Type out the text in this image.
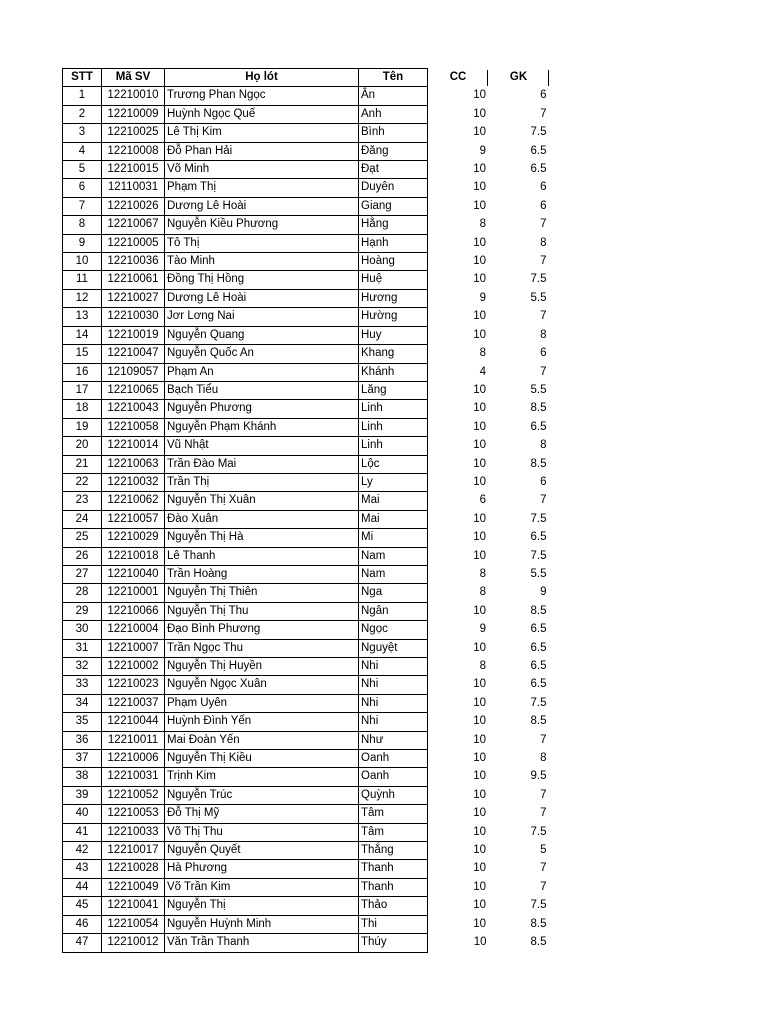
STT	Mã SV	Họ lót	Tên	CC	GK

1	12210010	Trương Phan Ngọc	Ân	10	6
2	12210009	Huỳnh Ngọc Quế	Anh	10	7
3	12210025	Lê Thị Kim	Bình	10	7.5
4	12210008	Đỗ Phan Hải	Đăng	9	6.5
5	12210015	Võ Minh	Đạt	10	6.5
6	12110031	Phạm Thị	Duyên	10	6
7	12210026	Dương Lê Hoài	Giang	10	6
8	12210067	Nguyễn Kiều Phương	Hằng	8	7
9	12210005	Tô Thị	Hạnh	10	8
10	12210036	Tào Minh	Hoàng	10	7
11	12210061	Đồng Thị Hồng	Huệ	10	7.5
12	12210027	Dương Lê Hoài	Hương	9	5.5
13	12210030	Jơr Lơng Nai	Hường	10	7
14	12210019	Nguyễn Quang	Huy	10	8
15	12210047	Nguyễn Quốc An	Khang	8	6
16	12109057	Phạm An	Khánh	4	7
17	12210065	Bạch Tiểu	Lăng	10	5.5
18	12210043	Nguyễn Phương	Linh	10	8.5
19	12210058	Nguyễn Phạm Khánh	Linh	10	6.5
20	12210014	Vũ Nhật	Linh	10	8
21	12210063	Trần Đào Mai	Lộc	10	8.5
22	12210032	Trần Thị	Ly	10	6
23	12210062	Nguyễn Thị Xuân	Mai	6	7
24	12210057	Đào Xuân	Mai	10	7.5
25	12210029	Nguyễn Thị Hà	Mi	10	6.5
26	12210018	Lê Thanh	Nam	10	7.5
27	12210040	Trần Hoàng	Nam	8	5.5
28	12210001	Nguyễn Thị Thiên	Nga	8	9
29	12210066	Nguyễn Thị Thu	Ngân	10	8.5
30	12210004	Đạo Bình Phương	Ngọc	9	6.5
31	12210007	Trần Ngọc Thu	Nguyệt	10	6.5
32	12210002	Nguyễn Thị Huyền	Nhi	8	6.5
33	12210023	Nguyễn Ngọc Xuân	Nhi	10	6.5
34	12210037	Phạm Uyên	Nhi	10	7.5
35	12210044	Huỳnh Đình Yến	Nhi	10	8.5
36	12210011	Mai Đoàn Yến	Như	10	7
37	12210006	Nguyễn Thị Kiều	Oanh	10	8
38	12210031	Trịnh Kim	Oanh	10	9.5
39	12210052	Nguyễn Trúc	Quỳnh	10	7
40	12210053	Đỗ Thị Mỹ	Tâm	10	7
41	12210033	Võ Thị Thu	Tâm	10	7.5
42	12210017	Nguyễn Quyết	Thắng	10	5
43	12210028	Hà Phương	Thanh	10	7
44	12210049	Võ Trần Kim	Thanh	10	7
45	12210041	Nguyễn Thị	Thảo	10	7.5
46	12210054	Nguyễn Huỳnh Minh	Thi	10	8.5
47	12210012	Văn Trần Thanh	Thúy	10	8.5
